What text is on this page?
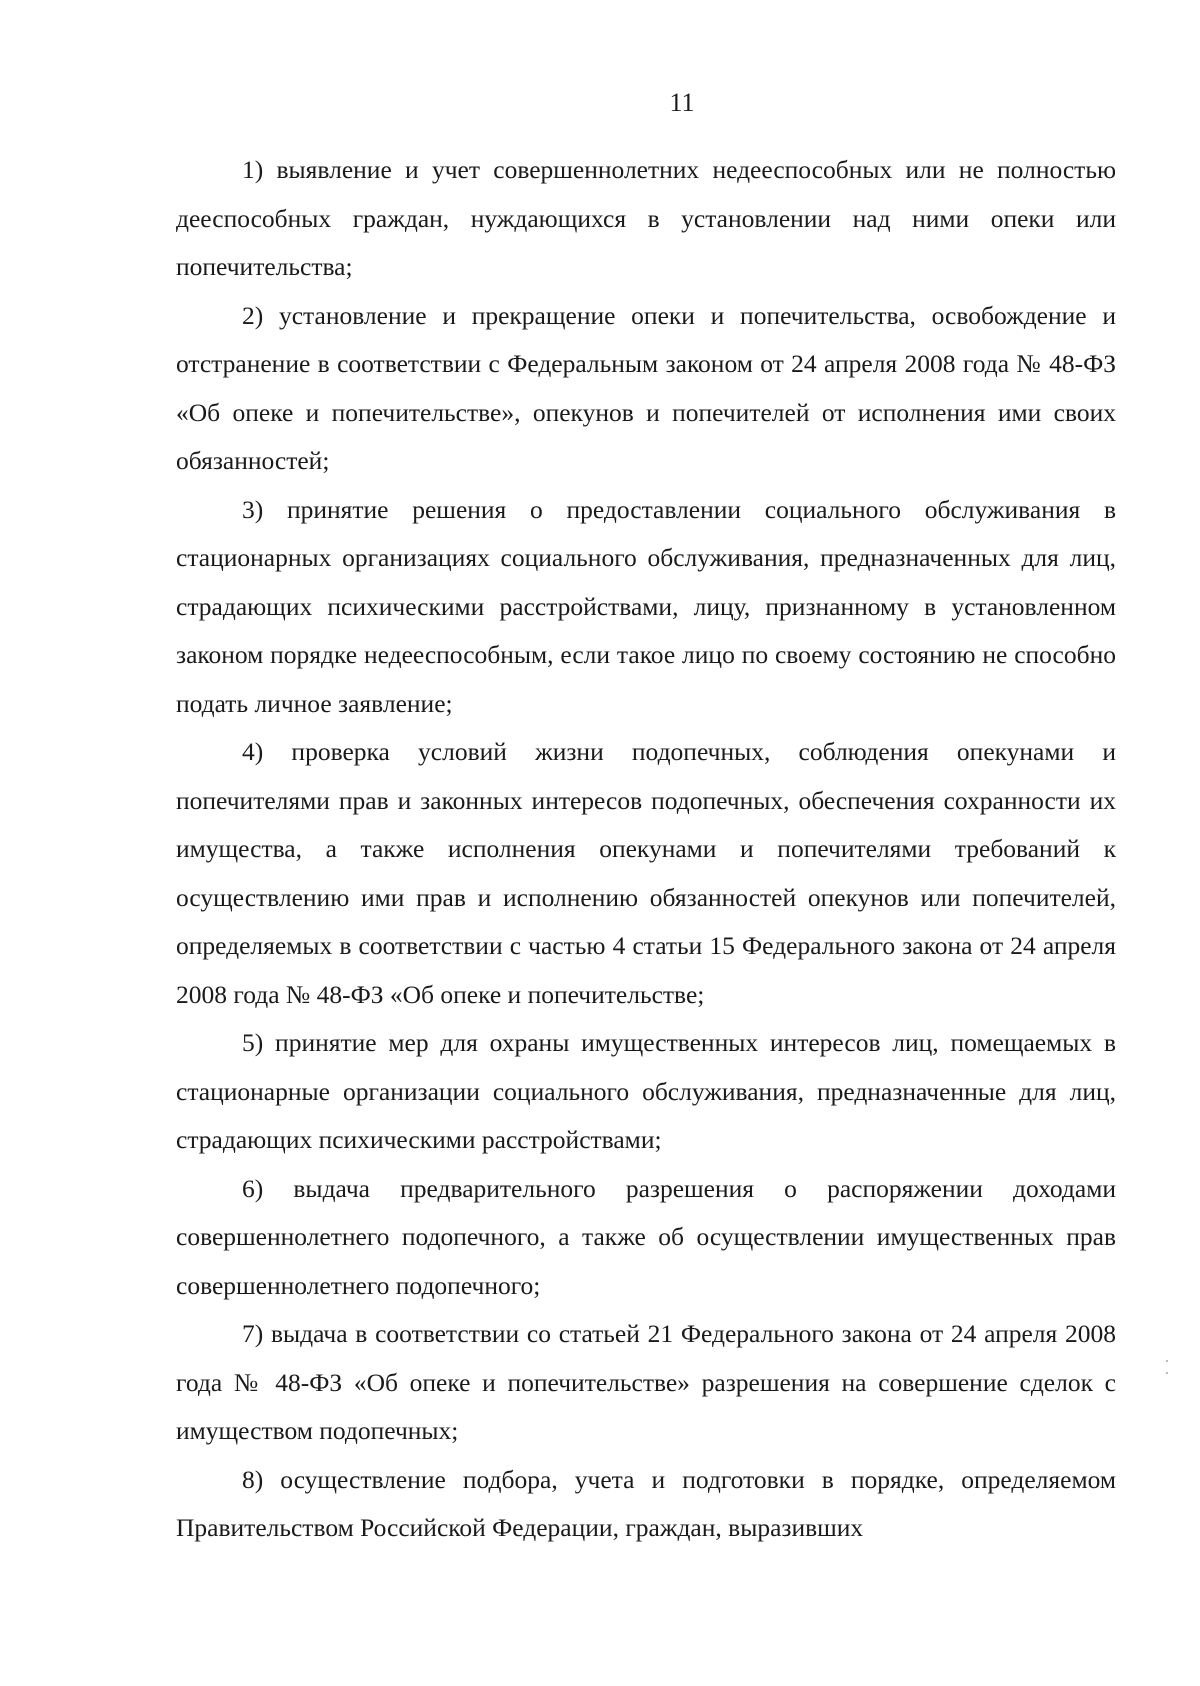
11

1) выявление и учет совершеннолетних недееспособных или не полностью дееспособных граждан, нуждающихся в установлении над ними опеки или попечительства;

2) установление и прекращение опеки и попечительства, освобождение и отстранение в соответствии с Федеральным законом от 24 апреля 2008 года № 48-ФЗ «Об опеке и попечительстве», опекунов и попечителей от исполнения ими своих обязанностей;

3) принятие решения о предоставлении социального обслуживания в стационарных организациях социального обслуживания, предназначенных для лиц, страдающих психическими расстройствами, лицу, признанному в установленном законом порядке недееспособным, если такое лицо по своему состоянию не способно подать личное заявление;

4) проверка условий жизни подопечных, соблюдения опекунами и попечителями прав и законных интересов подопечных, обеспечения сохранности их имущества, а также исполнения опекунами и попечителями требований к осуществлению ими прав и исполнению обязанностей опекунов или попечителей, определяемых в соответствии с частью 4 статьи 15 Федерального закона от 24 апреля 2008 года № 48-ФЗ «Об опеке и попечительстве;

5) принятие мер для охраны имущественных интересов лиц, помещаемых в стационарные организации социального обслуживания, предназначенные для лиц, страдающих психическими расстройствами;

6) выдача предварительного разрешения о распоряжении доходами совершеннолетнего подопечного, а также об осуществлении имущественных прав совершеннолетнего подопечного;

7) выдача в соответствии со статьей 21 Федерального закона от 24 апреля 2008 года № 48-ФЗ «Об опеке и попечительстве» разрешения на совершение сделок с имуществом подопечных;

8) осуществление подбора, учета и подготовки в порядке, определяемом Правительством Российской Федерации, граждан, выразивших
